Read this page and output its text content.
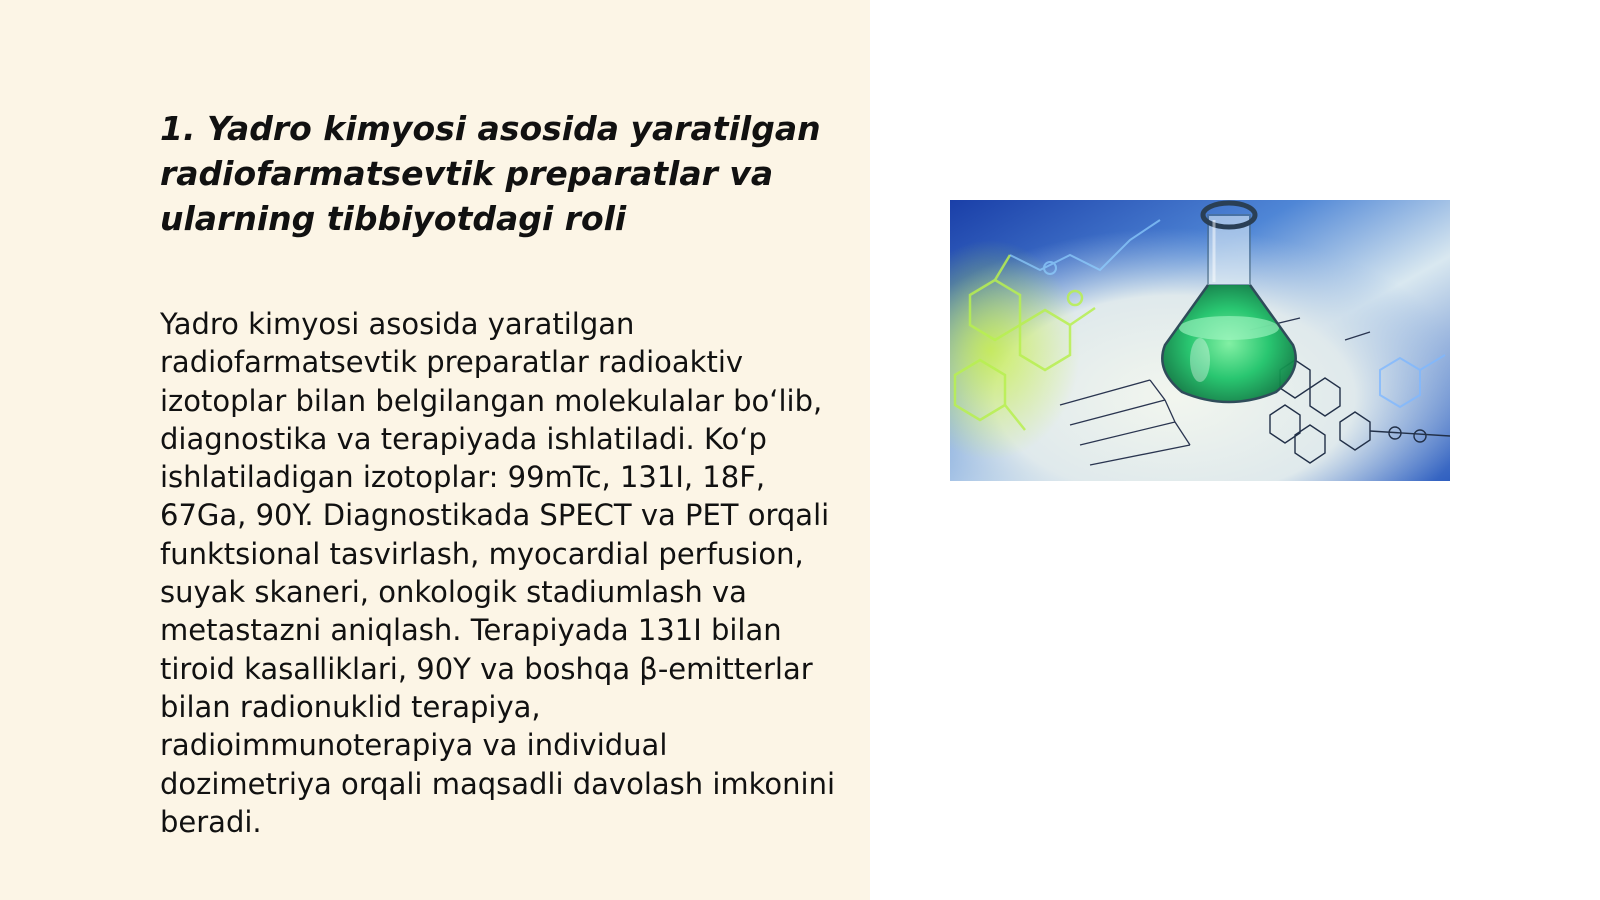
1. Yadro kimyosi asosida yaratilgan radiofarmatsevtik preparatlar va ularning tibbiyotdagi roli

Yadro kimyosi asosida yaratilgan radiofarmatsevtik preparatlar radioaktiv izotoplar bilan belgilangan molekulalar bo‘lib, diagnostika va terapiyada ishlatiladi. Ko‘p ishlatiladigan izotoplar: 99mTc, 131I, 18F, 67Ga, 90Y. Diagnostikada SPECT va PET orqali funktsional tasvirlash, myocardial perfusion, suyak skaneri, onkologik stadiumlash va metastazni aniqlash. Terapiyada 131I bilan tiroid kasalliklari, 90Y va boshqa β-emitterlar bilan radionuklid terapiya, radioimmunoterapiya va individual dozimetriya orqali maqsadli davolash imkonini beradi.
